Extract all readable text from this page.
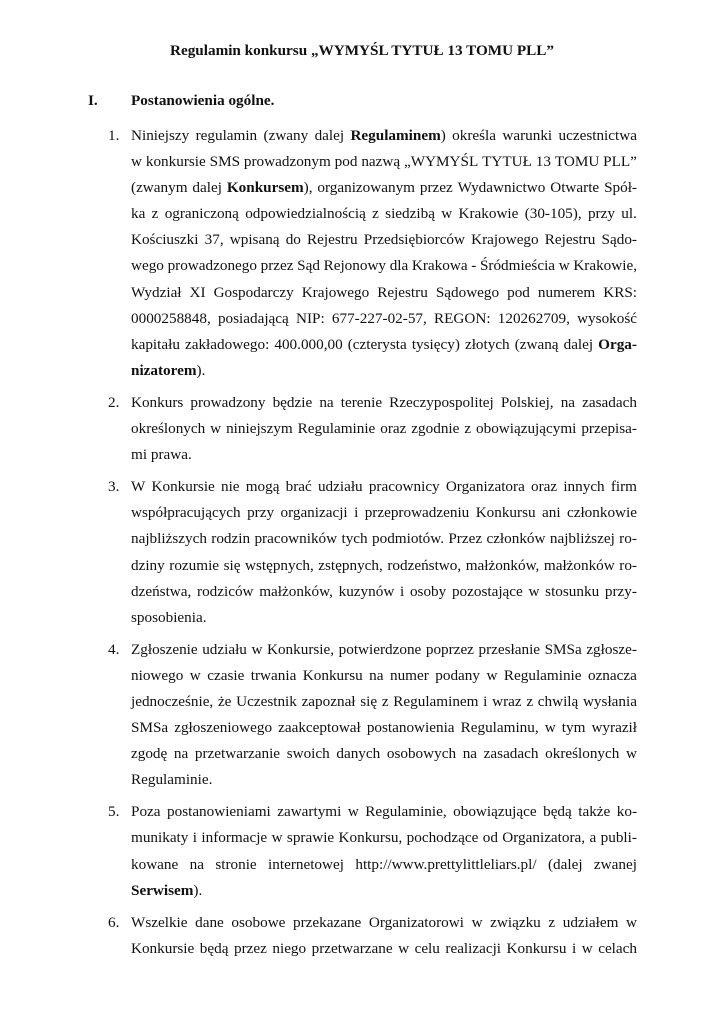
Regulamin konkursu „WYMYŚL TYTUŁ 13 TOMU PLL”
I. Postanowienia ogólne.
1. Niniejszy regulamin (zwany dalej Regulaminem) określa warunki uczestnictwa
w konkursie SMS prowadzonym pod nazwą „WYMYŚL TYTUŁ 13 TOMU PLL”
(zwanym dalej Konkursem), organizowanym przez Wydawnictwo Otwarte Spół-
ka z ograniczoną odpowiedzialnością z siedzibą w Krakowie (30-105), przy ul.
Kościuszki 37, wpisaną do Rejestru Przedsiębiorców Krajowego Rejestru Sądo-
wego prowadzonego przez Sąd Rejonowy dla Krakowa - Śródmieścia w Krakowie,
Wydział XI Gospodarczy Krajowego Rejestru Sądowego pod numerem KRS:
0000258848, posiadającą NIP: 677-227-02-57, REGON: 120262709, wysokość
kapitału zakładowego: 400.000,00 (czterysta tysięcy) złotych (zwaną dalej Orga-
nizatorem).
2. Konkurs prowadzony będzie na terenie Rzeczypospolitej Polskiej, na zasadach
określonych w niniejszym Regulaminie oraz zgodnie z obowiązującymi przepisa-
mi prawa.
3. W Konkursie nie mogą brać udziału pracownicy Organizatora oraz innych firm
współpracujących przy organizacji i przeprowadzeniu Konkursu ani członkowie
najbliższych rodzin pracowników tych podmiotów. Przez członków najbliższej ro-
dziny rozumie się wstępnych, zstępnych, rodzeństwo, małżonków, małżonków ro-
dzeństwa, rodziców małżonków, kuzynów i osoby pozostające w stosunku przy-
sposobienia.
4. Zgłoszenie udziału w Konkursie, potwierdzone poprzez przesłanie SMSa zgłosze-
niowego w czasie trwania Konkursu na numer podany w Regulaminie oznacza
jednocześnie, że Uczestnik zapoznał się z Regulaminem i wraz z chwilą wysłania
SMSa zgłoszeniowego zaakceptował postanowienia Regulaminu, w tym wyraził
zgodę na przetwarzanie swoich danych osobowych na zasadach określonych w
Regulaminie.
5. Poza postanowieniami zawartymi w Regulaminie, obowiązujące będą także ko-
munikaty i informacje w sprawie Konkursu, pochodzące od Organizatora, a publi-
kowane na stronie internetowej http://www.prettylittleliars.pl/ (dalej zwanej
Serwisem).
6. Wszelkie dane osobowe przekazane Organizatorowi w związku z udziałem w
Konkursie będą przez niego przetwarzane w celu realizacji Konkursu i w celach
